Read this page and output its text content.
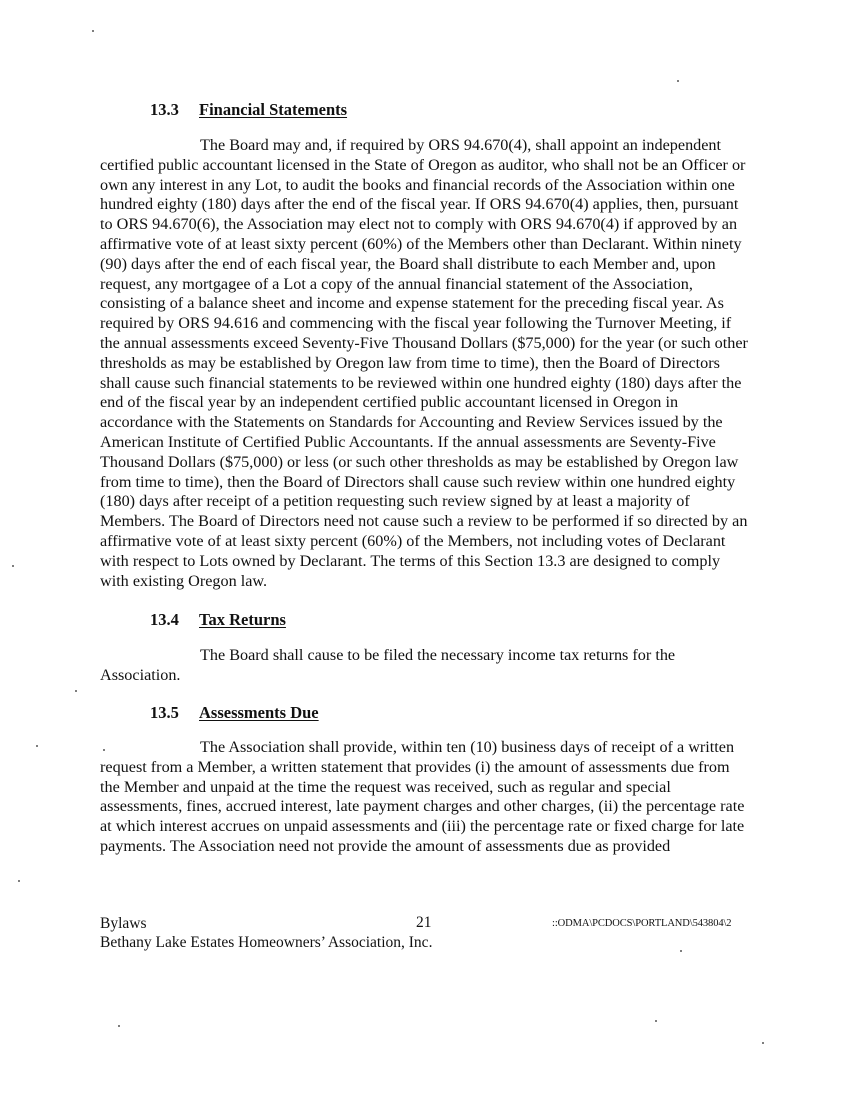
13.3 Financial Statements

The Board may and, if required by ORS 94.670(4), shall appoint an independent certified public accountant licensed in the State of Oregon as auditor, who shall not be an Officer or own any interest in any Lot, to audit the books and financial records of the Association within one hundred eighty (180) days after the end of the fiscal year. If ORS 94.670(4) applies, then, pursuant to ORS 94.670(6), the Association may elect not to comply with ORS 94.670(4) if approved by an affirmative vote of at least sixty percent (60%) of the Members other than Declarant. Within ninety (90) days after the end of each fiscal year, the Board shall distribute to each Member and, upon request, any mortgagee of a Lot a copy of the annual financial statement of the Association, consisting of a balance sheet and income and expense statement for the preceding fiscal year. As required by ORS 94.616 and commencing with the fiscal year following the Turnover Meeting, if the annual assessments exceed Seventy-Five Thousand Dollars ($75,000) for the year (or such other thresholds as may be established by Oregon law from time to time), then the Board of Directors shall cause such financial statements to be reviewed within one hundred eighty (180) days after the end of the fiscal year by an independent certified public accountant licensed in Oregon in accordance with the Statements on Standards for Accounting and Review Services issued by the American Institute of Certified Public Accountants. If the annual assessments are Seventy-Five Thousand Dollars ($75,000) or less (or such other thresholds as may be established by Oregon law from time to time), then the Board of Directors shall cause such review within one hundred eighty (180) days after receipt of a petition requesting such review signed by at least a majority of Members. The Board of Directors need not cause such a review to be performed if so directed by an affirmative vote of at least sixty percent (60%) of the Members, not including votes of Declarant with respect to Lots owned by Declarant. The terms of this Section 13.3 are designed to comply with existing Oregon law.

13.4 Tax Returns

The Board shall cause to be filed the necessary income tax returns for the Association.

13.5 Assessments Due

The Association shall provide, within ten (10) business days of receipt of a written request from a Member, a written statement that provides (i) the amount of assessments due from the Member and unpaid at the time the request was received, such as regular and special assessments, fines, accrued interest, late payment charges and other charges, (ii) the percentage rate at which interest accrues on unpaid assessments and (iii) the percentage rate or fixed charge for late payments. The Association need not provide the amount of assessments due as provided

Bylaws
Bethany Lake Estates Homeowners’ Association, Inc.
21	::ODMA\PCDOCS\PORTLAND\543804\2
